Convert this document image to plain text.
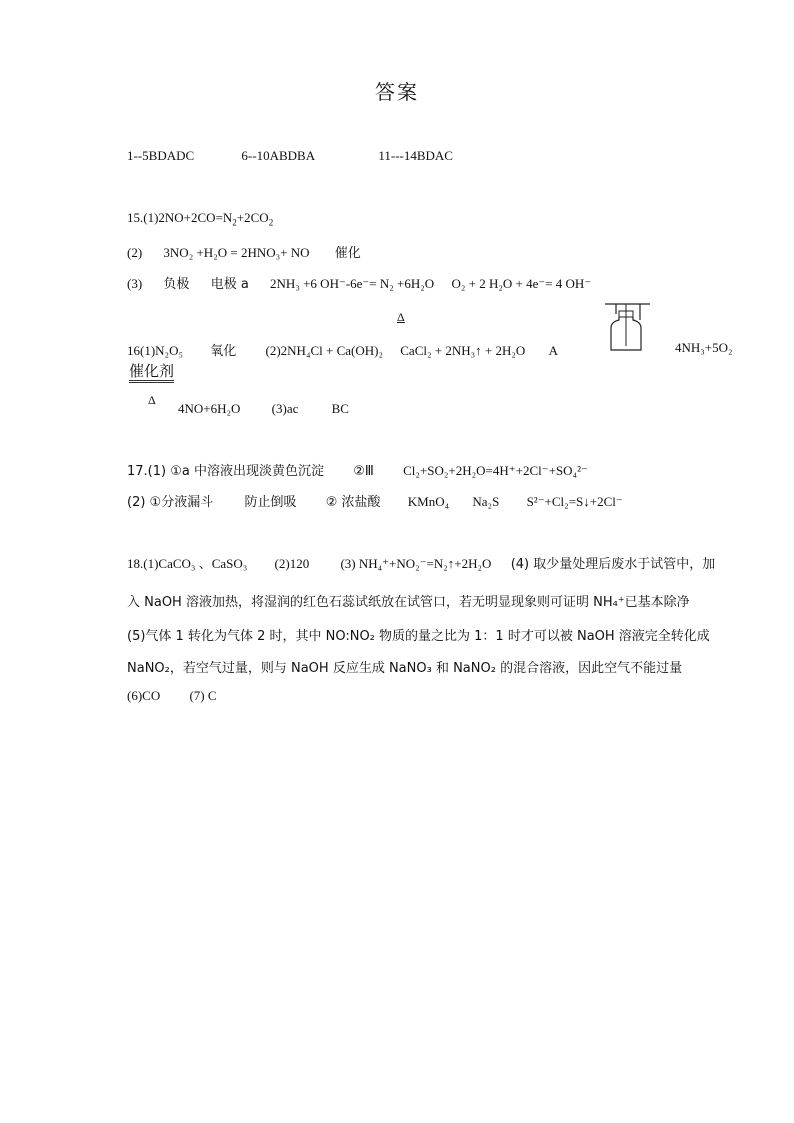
答案
1--5BDADC	6--10ABDBA	11---14BDAC
$15.(1)2NO+2CO=N_2+2CO_2$
(2) 3NO₂ +H₂O = 2HNO₃+ NO 催化
(3) 负极 电极 a 2NH₃ +6 OH⁻-6e⁻= N₂ +6H₂O O₂ + 2 H₂O + 4e⁻= 4 OH⁻
Δ
16(1)N₂O₅ 氧化 (2)2NH₄Cl + Ca(OH)₂ CaCl₂ + 2NH₃↑ + 2H₂O A	4NH₃+5O₂
催化剂
Δ
4NO+6H₂O (3)ac	BC
17.(1) ①a 中溶液出现淡黄色沉淀 ②Ⅲ Cl₂+SO₂+2H₂O=4H⁺+2Cl⁻+SO₄²⁻
(2) ①分液漏斗 防止倒吸 ② 浓盐酸 KMnO₄ Na₂S S²⁻+Cl₂=S↓+2Cl⁻
18.(1)CaCO₃ 、CaSO₃ (2)120 (3) NH₄⁺+NO₂⁻=N₂↑+2H₂O (4) 取少量处理后废水于试管中，加
入 NaOH 溶液加热，将湿润的红色石蕊试纸放在试管口，若无明显现象则可证明 NH₄⁺已基本除净
(5)气体 1 转化为气体 2 时，其中 NO:NO₂ 物质的量之比为 1：1 时才可以被 NaOH 溶液完全转化成
NaNO₂，若空气过量，则与 NaOH 反应生成 NaNO₃ 和 NaNO₂ 的混合溶液，因此空气不能过量
(6)CO (7) C
